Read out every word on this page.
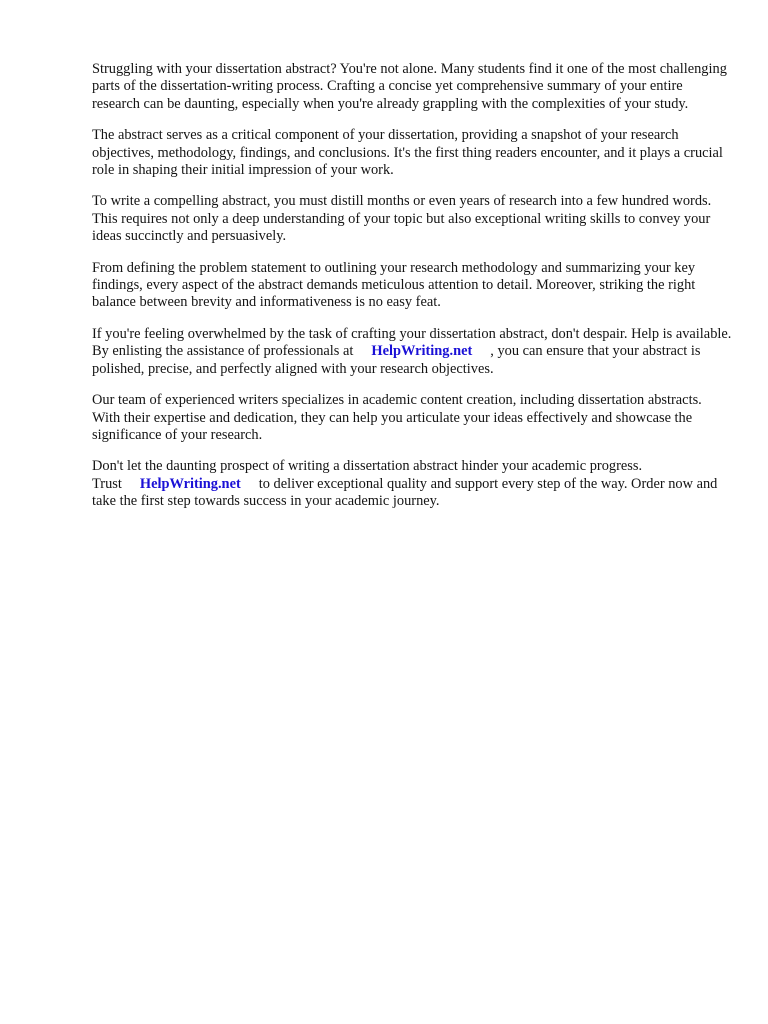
Struggling with your dissertation abstract? You're not alone. Many students find it one of the most challenging parts of the dissertation-writing process. Crafting a concise yet comprehensive summary of your entire research can be daunting, especially when you're already grappling with the complexities of your study.

The abstract serves as a critical component of your dissertation, providing a snapshot of your research objectives, methodology, findings, and conclusions. It's the first thing readers encounter, and it plays a crucial role in shaping their initial impression of your work.

To write a compelling abstract, you must distill months or even years of research into a few hundred words. This requires not only a deep understanding of your topic but also exceptional writing skills to convey your ideas succinctly and persuasively.

From defining the problem statement to outlining your research methodology and summarizing your key findings, every aspect of the abstract demands meticulous attention to detail. Moreover, striking the right balance between brevity and informativeness is no easy feat.

If you're feeling overwhelmed by the task of crafting your dissertation abstract, don't despair. Help is available. By enlisting the assistance of professionals at HelpWriting.net , you can ensure that your abstract is polished, precise, and perfectly aligned with your research objectives.

Our team of experienced writers specializes in academic content creation, including dissertation abstracts. With their expertise and dedication, they can help you articulate your ideas effectively and showcase the significance of your research.

Don't let the daunting prospect of writing a dissertation abstract hinder your academic progress.
Trust HelpWriting.net to deliver exceptional quality and support every step of the way. Order now and take the first step towards success in your academic journey.
